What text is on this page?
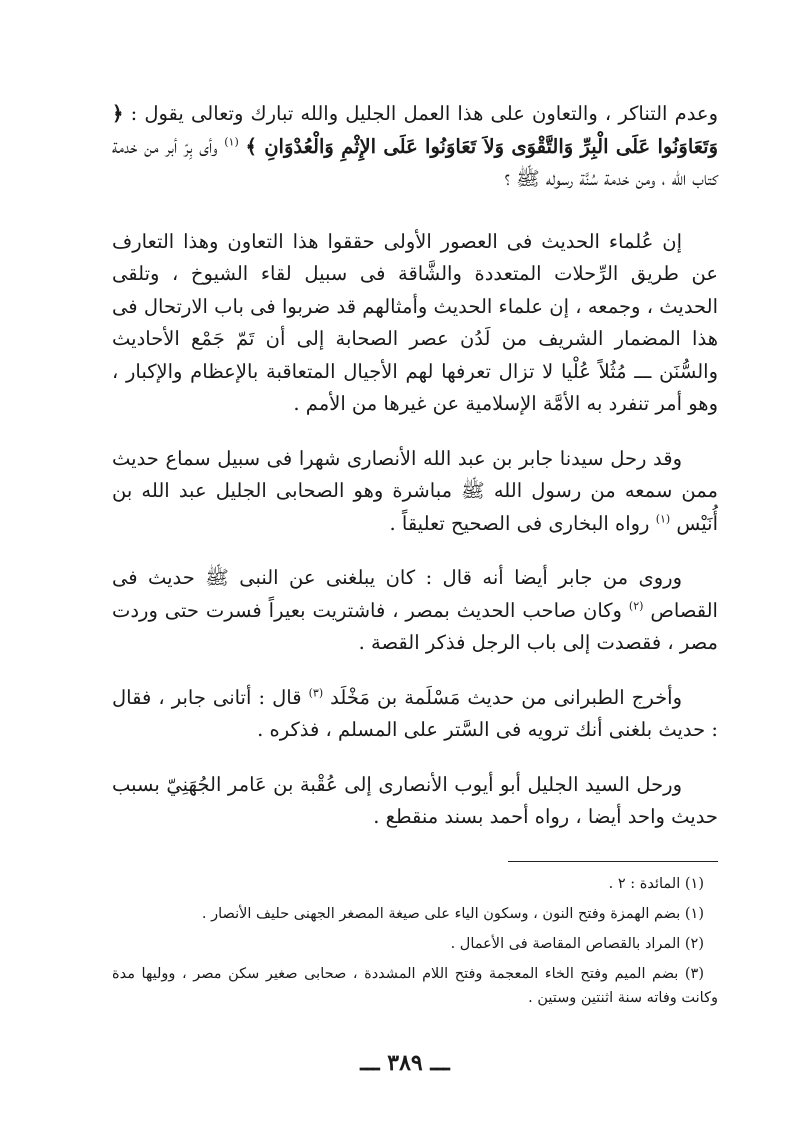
وعدم التناكر ، والتعاون على هذا العمل الجليل والله تبارك وتعالى يقول : ﴿ وَتَعَاوَنُوا عَلَى الْبِرِّ وَالتَّقْوَى وَلاَ تَعَاوَنُوا عَلَى الإِثْمِ وَالْعُدْوَانِ ﴾ $^{(١)}$ وأى بِرّ أبر من خدمة كتاب الله ، ومن خدمة سُنَّة رسوله ﷺ ؟

إن عُلماء الحديث فى العصور الأولى حققوا هذا التعاون وهذا التعارف عن طريق الرِّحلات المتعددة والشَّاقة فى سبيل لقاء الشيوخ ، وتلقى الحديث ، وجمعه ، إن علماء الحديث وأمثالهم قد ضربوا فى باب الارتحال فى هذا المضمار الشريف من لَدُن عصر الصحابة إلى أن تَمّ جَمْع الأحاديث والسُّنَن ـــ مُثُلاً عُلْيا لا تزال تعرفها لهم الأجيال المتعاقبة بالإعظام والإكبار ، وهو أمر تنفرد به الأمَّة الإسلامية عن غيرها من الأمم .

وقد رحل سيدنا جابر بن عبد الله الأنصارى شهرا فى سبيل سماع حديث ممن سمعه من رسول الله ﷺ مباشرة وهو الصحابى الجليل عبد الله بن أُنَيْس $^{(١)}$ رواه البخارى فى الصحيح تعليقاً .

وروى من جابر أيضا أنه قال : كان يبلغنى عن النبى ﷺ حديث فى القصاص $^{(٢)}$ وكان صاحب الحديث بمصر ، فاشتريت بعيراً فسرت حتى وردت مصر ، فقصدت إلى باب الرجل فذكر القصة .

وأخرج الطبرانى من حديث مَسْلَمة بن مَخْلَد $^{(٣)}$ قال : أتانى جابر ، فقال : حديث بلغنى أنك ترويه فى السَّتر على المسلم ، فذكره .

ورحل السيد الجليل أبو أيوب الأنصارى إلى عُقْبة بن عَامر الجُهَنِيّ بسبب حديث واحد أيضا ، رواه أحمد بسند منقطع .

(١) المائدة : ٢ .

(١) بضم الهمزة وفتح النون ، وسكون الياء على صيغة المصغر الجهنى حليف الأنصار .

(٢) المراد بالقصاص المقاصة فى الأعمال .

(٣) بضم الميم وفتح الخاء المعجمة وفتح اللام المشددة ، صحابى صغير سكن مصر ، ووليها مدة وكانت وفاته سنة اثنتين وستين .

ـــ ٣٨٩ ـــ
